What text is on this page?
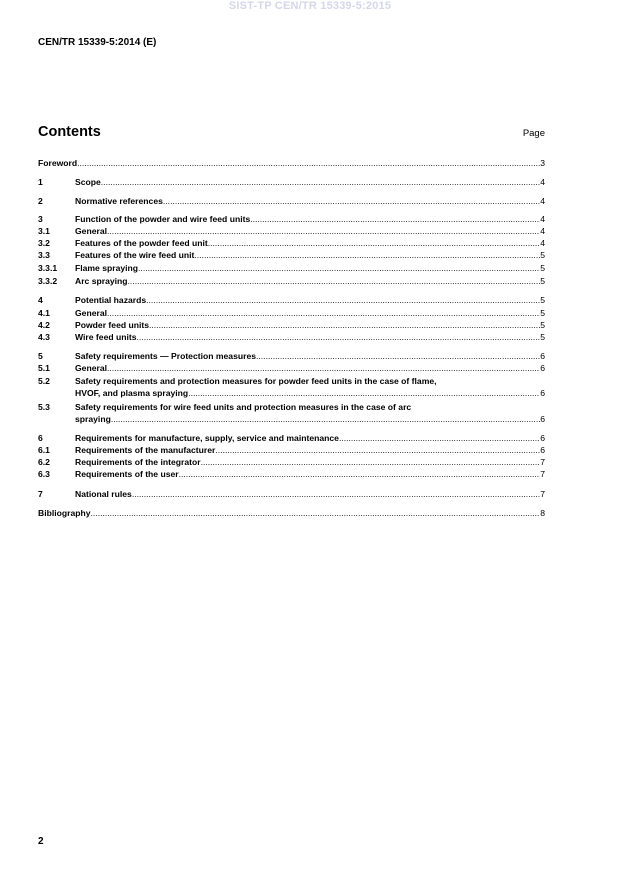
SIST-TP CEN/TR 15339-5:2015
CEN/TR 15339-5:2014 (E)
Contents	Page
Foreword .....	3
1	Scope .....	4
2	Normative references .....	4
3	Function of the powder and wire feed units .....	4
3.1	General .....	4
3.2	Features of the powder feed unit .....	4
3.3	Features of the wire feed unit .....	5
3.3.1	Flame spraying .....	5
3.3.2	Arc spraying .....	5
4	Potential hazards .....	5
4.1	General .....	5
4.2	Powder feed units .....	5
4.3	Wire feed units .....	5
5	Safety requirements — Protection measures .....	6
5.1	General .....	6
5.2	Safety requirements and protection measures for powder feed units in the case of flame,
HVOF, and plasma spraying .....	6
5.3	Safety requirements for wire feed units and protection measures in the case of arc
spraying .....	6
6	Requirements for manufacture, supply, service and maintenance .....	6
6.1	Requirements of the manufacturer .....	6
6.2	Requirements of the integrator .....	7
6.3	Requirements of the user .....	7
7	National rules .....	7
Bibliography .....	8
2
